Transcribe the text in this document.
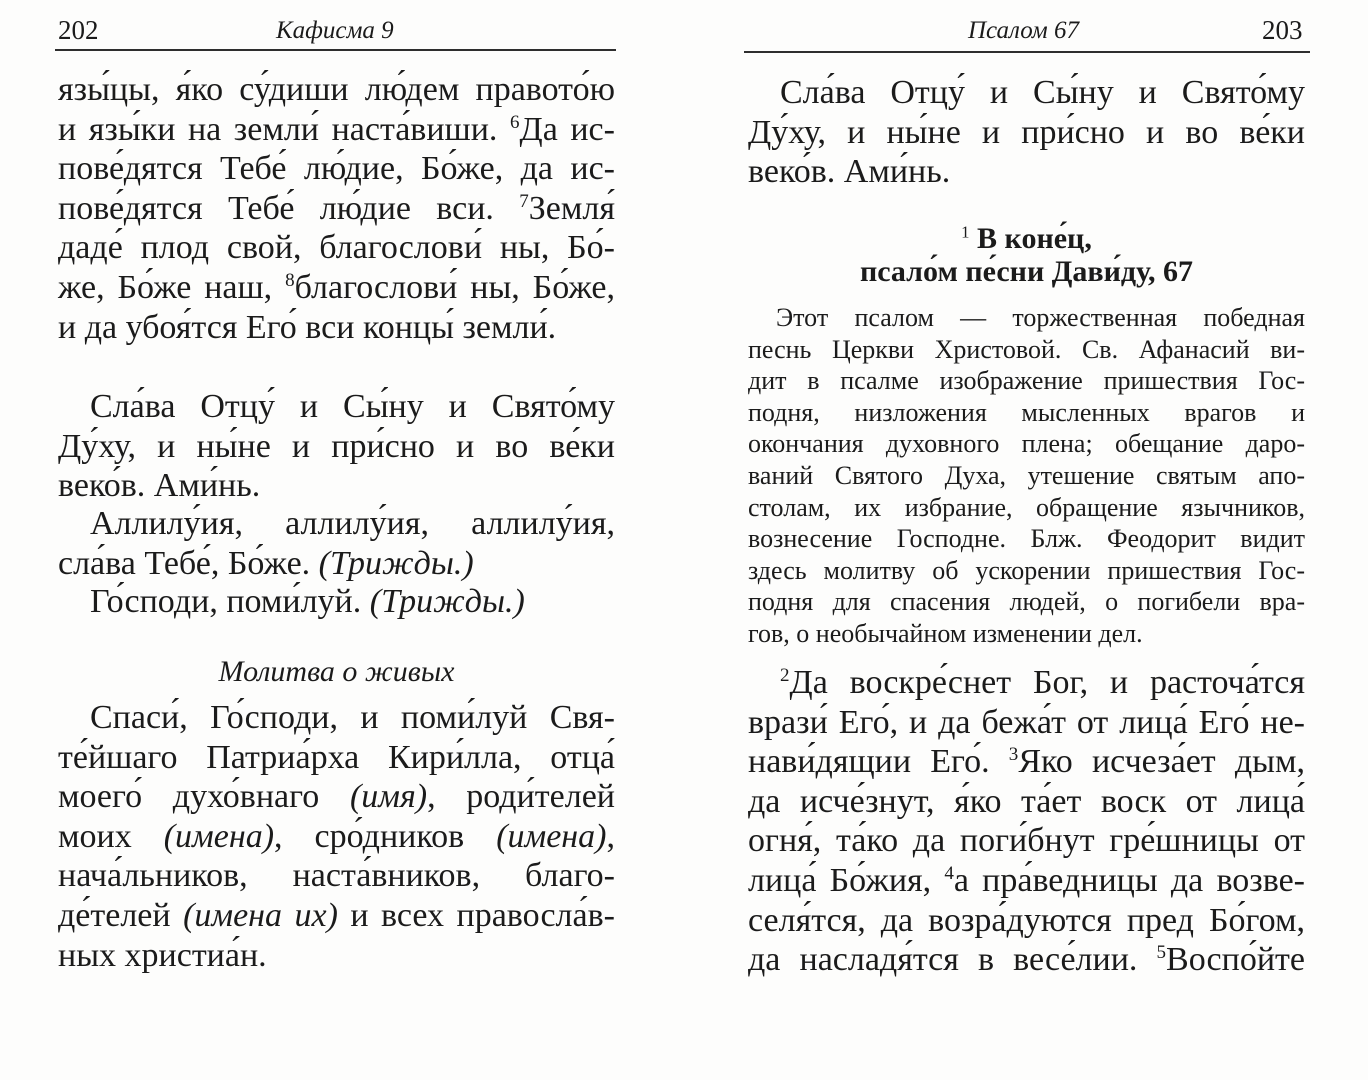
202	Кафисма 9
язы́цы, я́ко су́диши лю́дем правото́ю
и язы́ки на земли́ наста́виши. $^6$Да ис-
пове́дятся Тебе́ лю́дие, Бо́же, да ис-
пове́дятся Тебе́ лю́дие вси. $^7$Земля́
даде́ плод свой, благослови́ ны, Бо́-
же, Бо́же наш, $^8$благослови́ ны, Бо́же,
и да убоя́тся Его́ вси концы́ земли́.
Сла́ва Отцу́ и Сы́ну и Свято́му
Ду́ху, и ны́не и при́сно и во ве́ки
веко́в. Ами́нь.
Аллилу́ия, аллилу́ия, аллилу́ия,
сла́ва Тебе́, Бо́же. (Трижды.)
Го́споди, поми́луй. (Трижды.)
Молитва о живых
Спаси́, Го́споди, и поми́луй Свя-
те́йшаго Патриа́рха Кири́лла, отца́
моего́ духо́внаго (имя), роди́телей
моих (имена), сро́дников (имена),
нача́льников, наста́вников, благо-
де́телей (имена их) и всех правосла́в-
ных христиа́н.
Псалом 67	203
Сла́ва Отцу́ и Сы́ну и Свято́му
Ду́ху, и ны́не и при́сно и во ве́ки
веко́в. Ами́нь.
$^1$ В коне́ц,
псало́м пе́сни Дави́ду, 67
Этот псалом — торжественная победная
песнь Церкви Христовой. Св. Афанасий ви-
дит в псалме изображение пришествия Гос-
подня, низложения мысленных врагов и
окончания духовного плена; обещание даро-
ваний Святого Духа, утешение святым апо-
столам, их избрание, обращение язычников,
вознесение Господне. Блж. Феодорит видит
здесь молитву об ускорении пришествия Гос-
подня для спасения людей, о погибели вра-
гов, о необычайном изменении дел.
$^2$Да воскре́снет Бог, и расточа́тся
врази́ Его́, и да бежа́т от лица́ Его́ не-
нави́дящии Его́. $^3$Яко исчеза́ет дым,
да исче́знут, я́ко та́ет воск от лица́
огня́, та́ко да поги́бнут гре́шницы от
лица́ Бо́жия, $^4$а пра́ведницы да возве-
селя́тся, да возра́дуются пред Бо́гом,
да насладя́тся в весе́лии. $^5$Воспо́йте
